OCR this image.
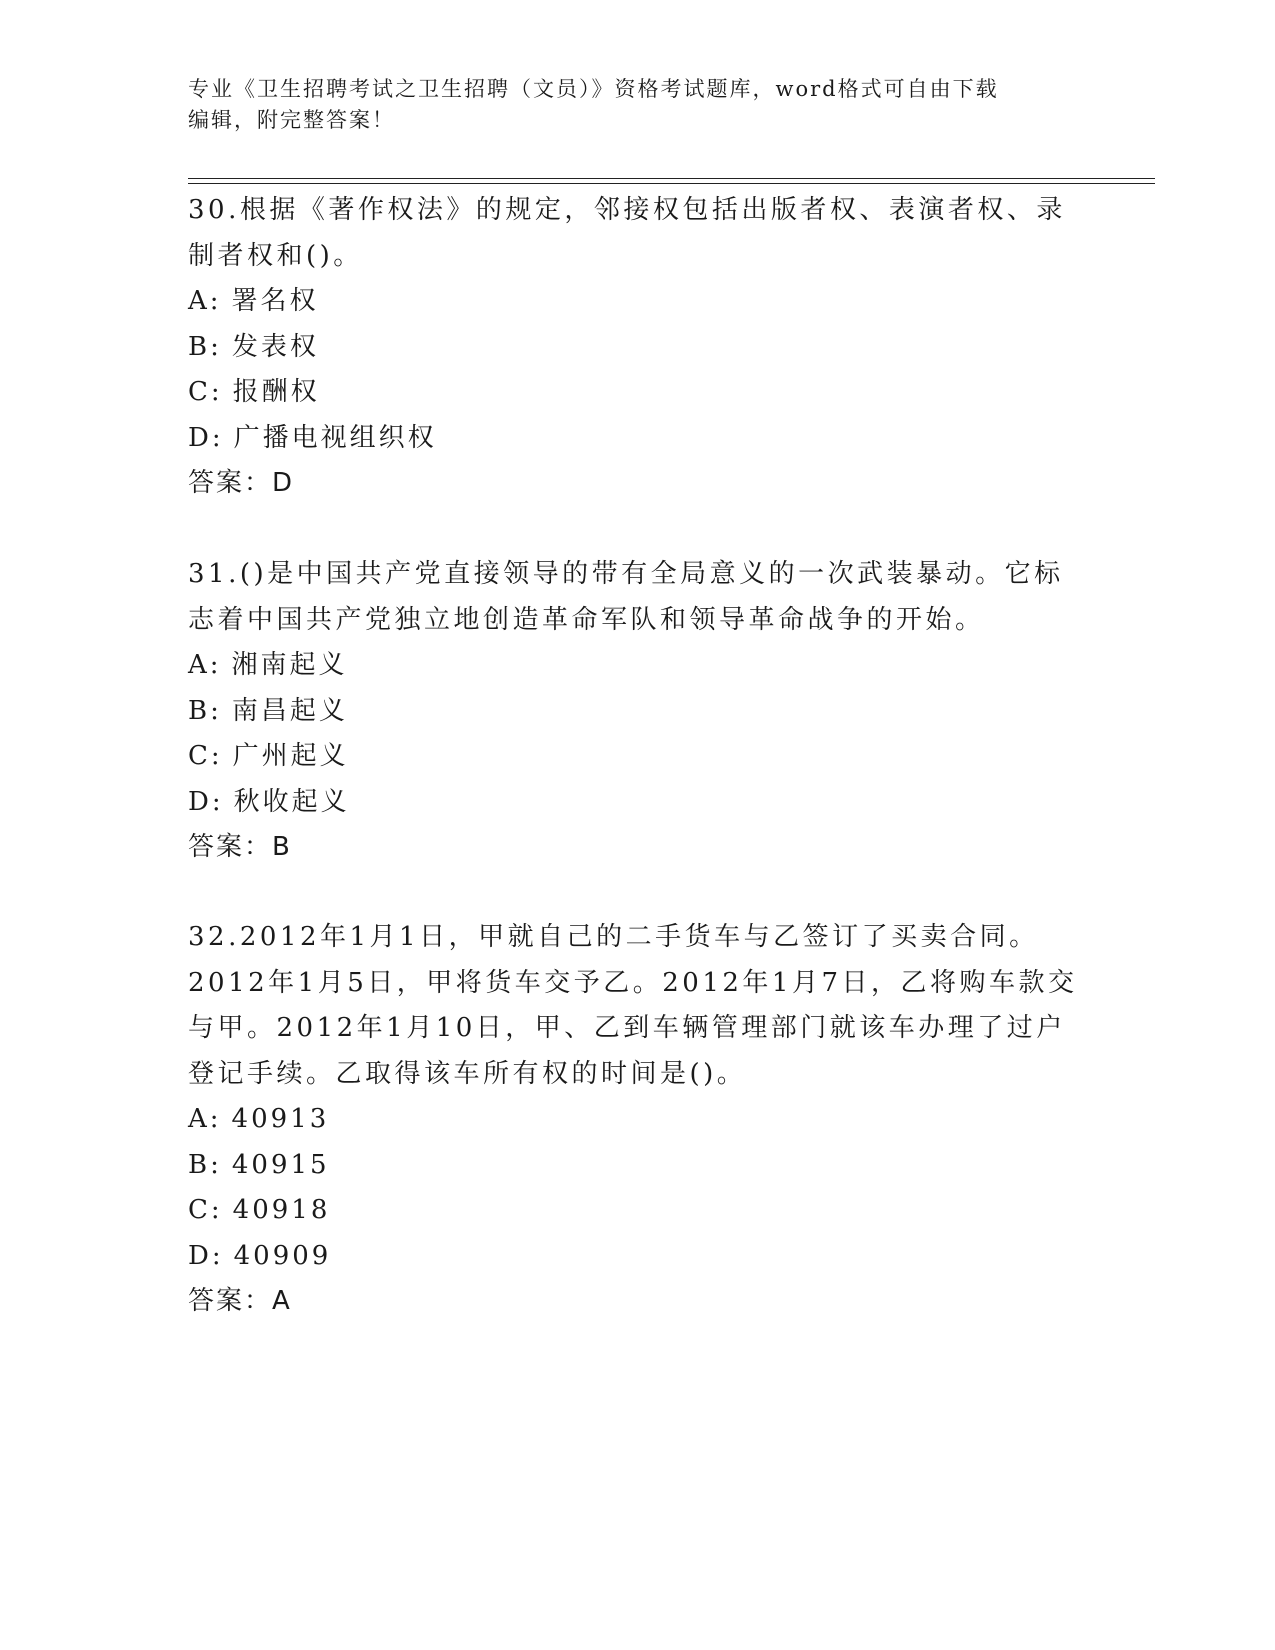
专业《卫生招聘考试之卫生招聘（文员）》资格考试题库，word格式可自由下载
编辑，附完整答案！

30.根据《著作权法》的规定，邻接权包括出版者权、表演者权、录制者权和()。

A: 署名权

B: 发表权

C: 报酬权

D: 广播电视组织权

答案：D

31.()是中国共产党直接领导的带有全局意义的一次武装暴动。它标志着中国共产党独立地创造革命军队和领导革命战争的开始。

A: 湘南起义

B: 南昌起义

C: 广州起义

D: 秋收起义

答案：B

32.2012年1月1日，甲就自己的二手货车与乙签订了买卖合同。2012年1月5日，甲将货车交予乙。2012年1月7日，乙将购车款交与甲。2012年1月10日，甲、乙到车辆管理部门就该车办理了过户登记手续。乙取得该车所有权的时间是()。

A: 40913

B: 40915

C: 40918

D: 40909

答案：A
